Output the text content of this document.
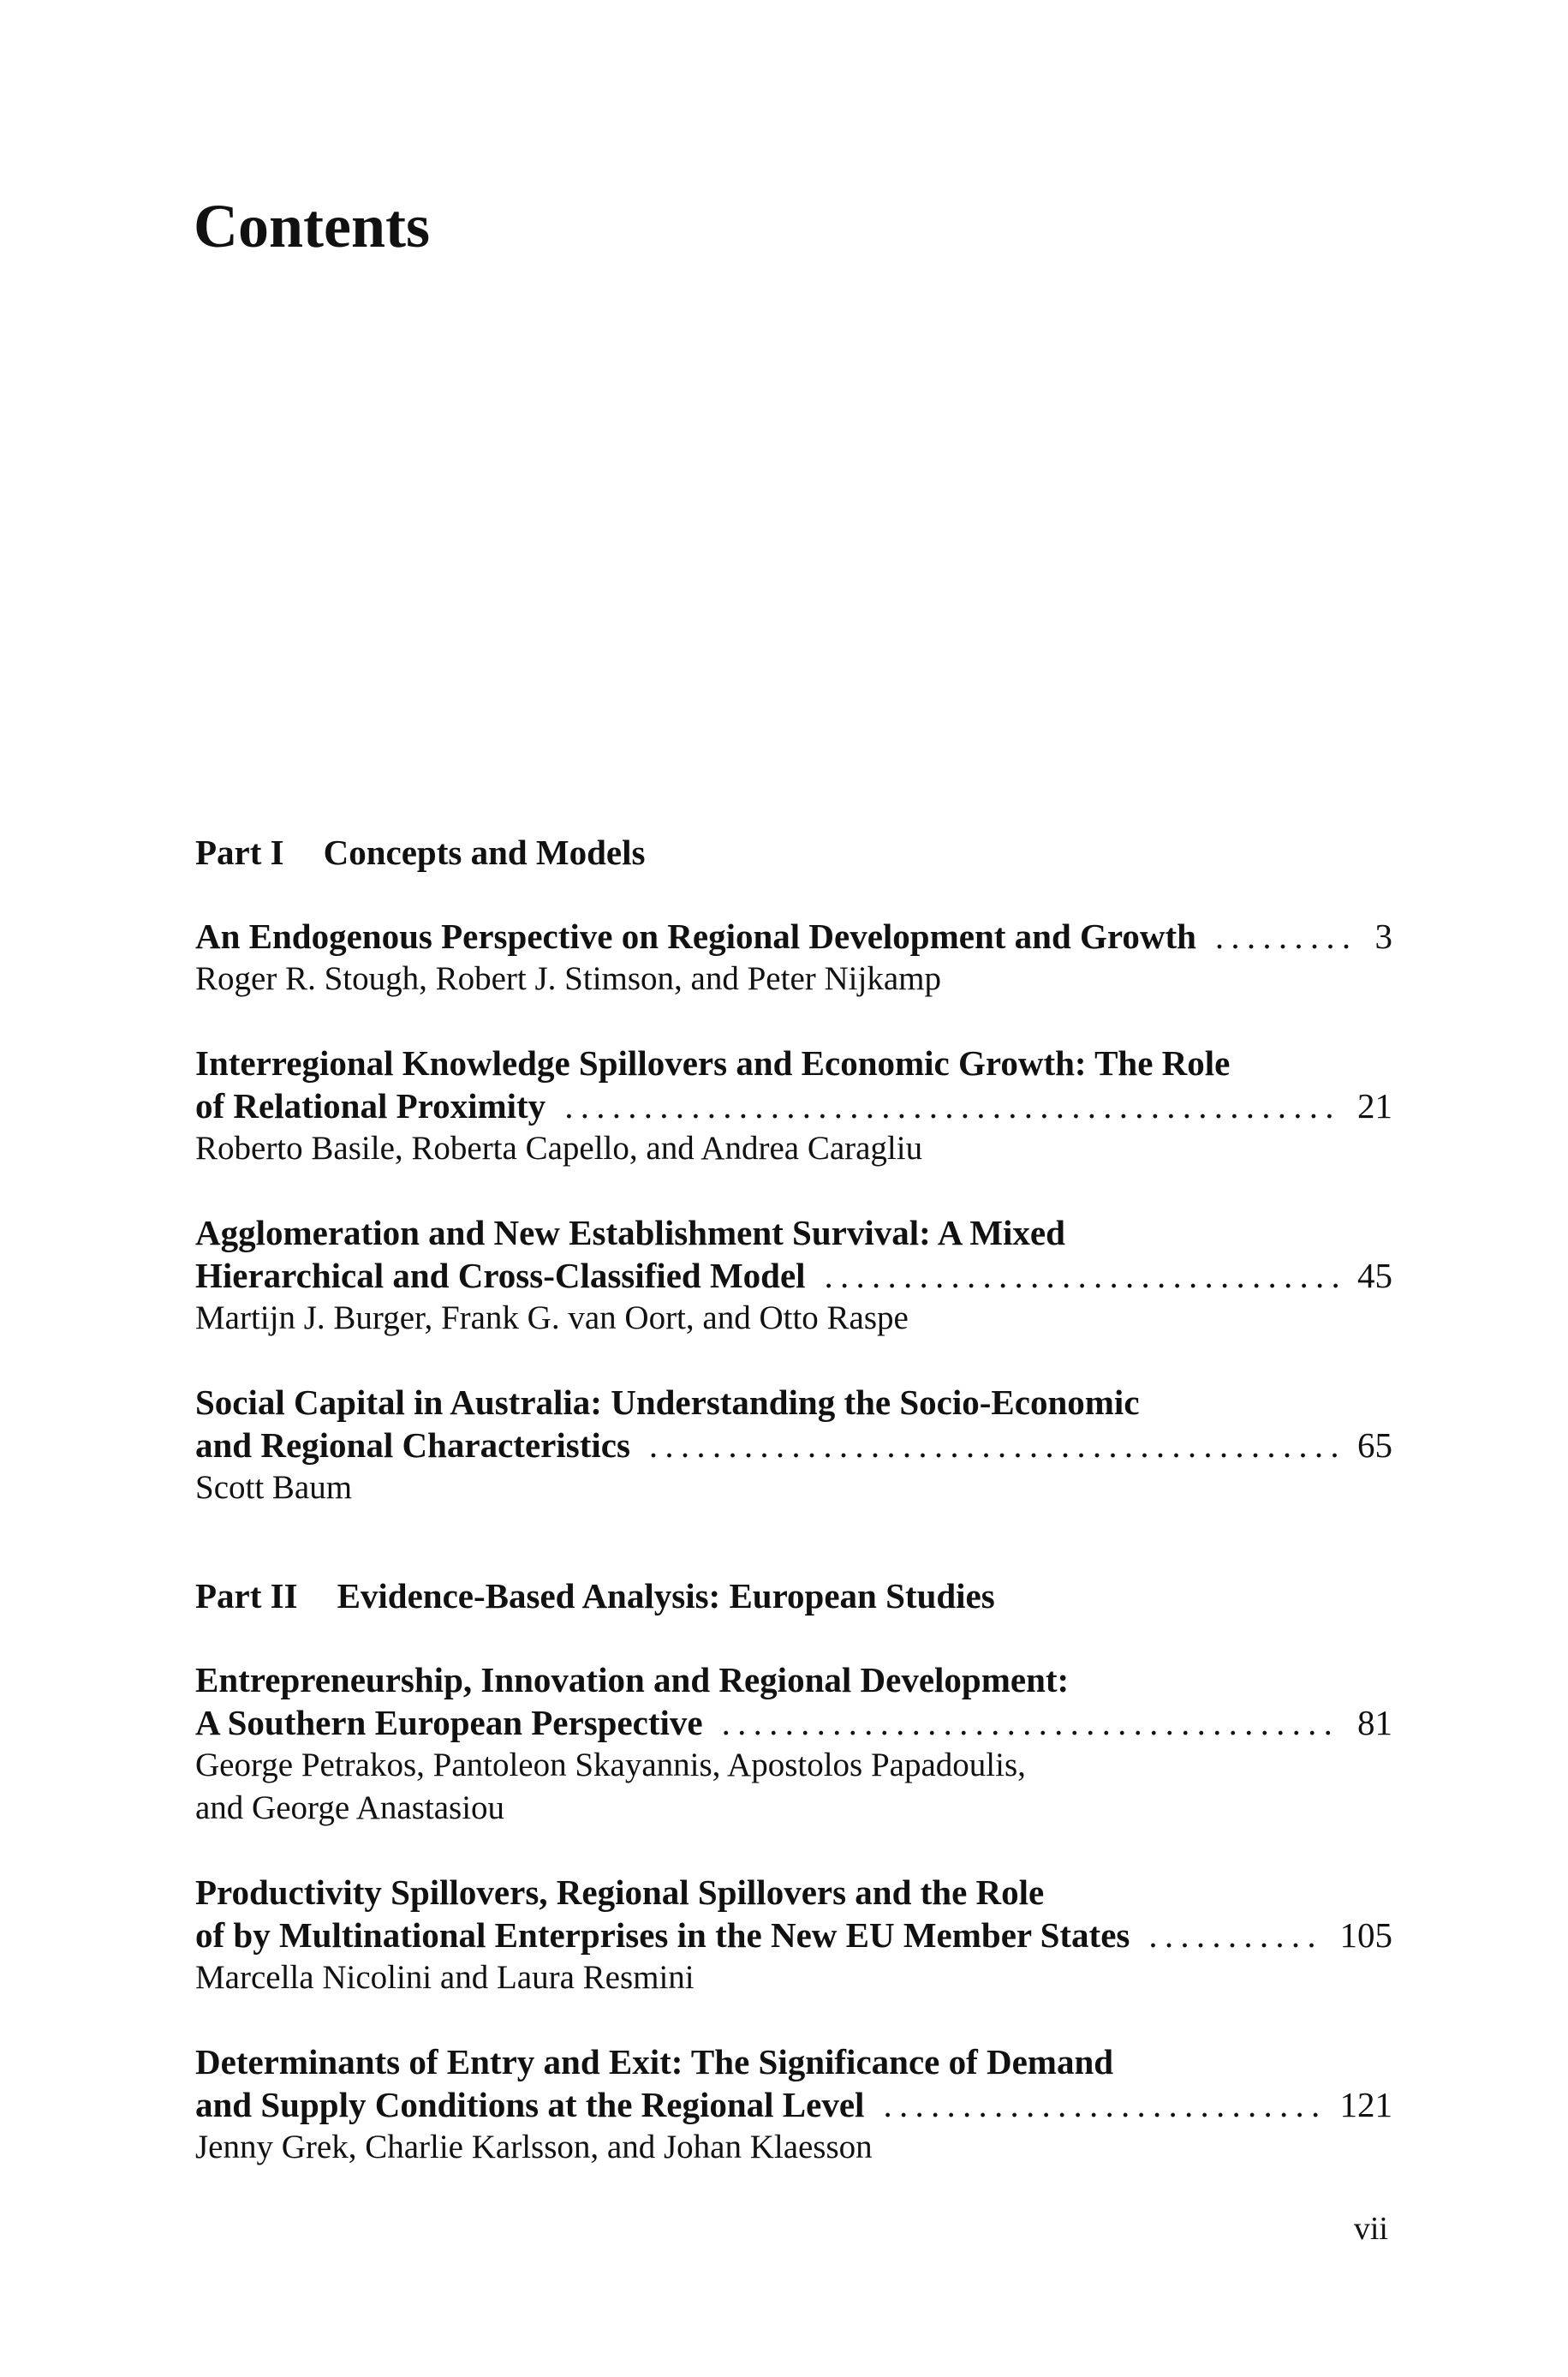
Contents
Part I Concepts and Models
An Endogenous Perspective on Regional Development and Growth . . .	3
Roger R. Stough, Robert J. Stimson, and Peter Nijkamp
Interregional Knowledge Spillovers and Economic Growth: The Role
of Relational Proximity . . .	21
Roberto Basile, Roberta Capello, and Andrea Caragliu
Agglomeration and New Establishment Survival: A Mixed
Hierarchical and Cross-Classified Model . . .	45
Martijn J. Burger, Frank G. van Oort, and Otto Raspe
Social Capital in Australia: Understanding the Socio-Economic
and Regional Characteristics . . .	65
Scott Baum
Part II Evidence-Based Analysis: European Studies
Entrepreneurship, Innovation and Regional Development:
A Southern European Perspective . . .	81
George Petrakos, Pantoleon Skayannis, Apostolos Papadoulis,
and George Anastasiou
Productivity Spillovers, Regional Spillovers and the Role
of by Multinational Enterprises in the New EU Member States . . .	105
Marcella Nicolini and Laura Resmini
Determinants of Entry and Exit: The Significance of Demand
and Supply Conditions at the Regional Level . . .	121
Jenny Grek, Charlie Karlsson, and Johan Klaesson
vii
